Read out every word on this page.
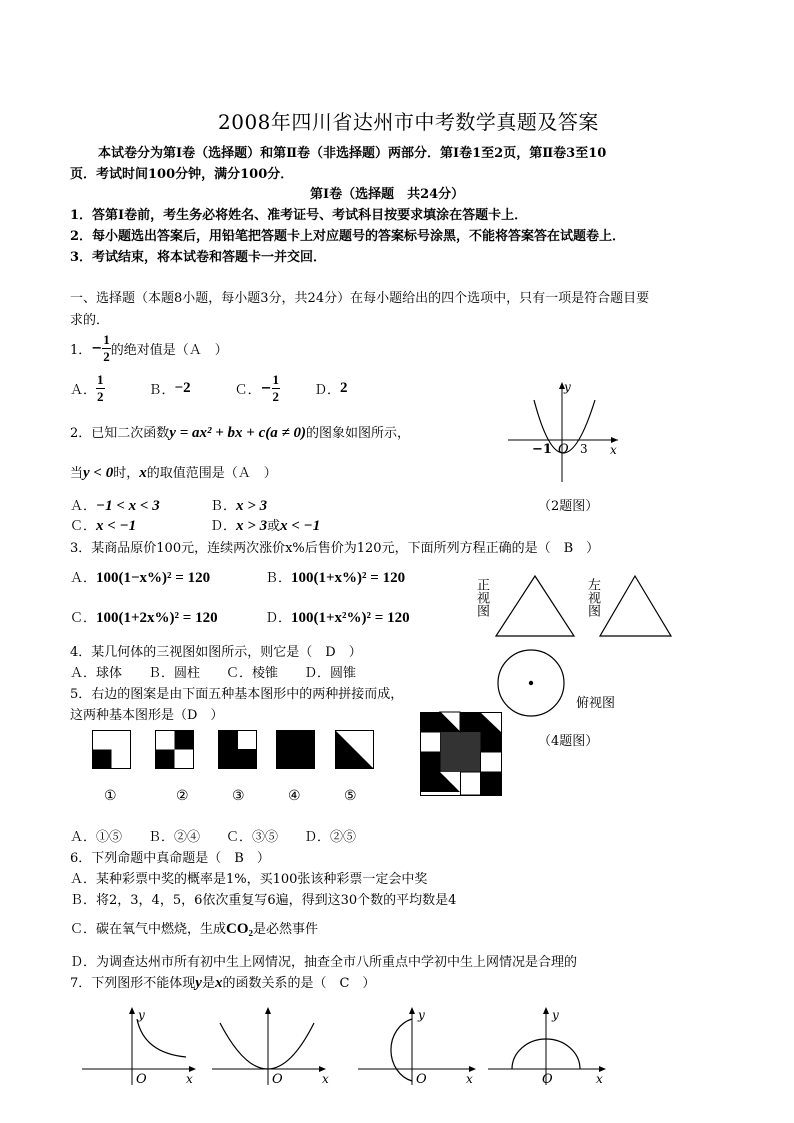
2008年四川省达州市中考数学真题及答案
本试卷分为第Ⅰ卷（选择题）和第Ⅱ卷（非选择题）两部分．第Ⅰ卷1至2页，第Ⅱ卷3至10
页．考试时间100分钟，满分100分．
第Ⅰ卷（选择题　共24分）
1．答第Ⅰ卷前，考生务必将姓名、准考证号、考试科目按要求填涂在答题卡上．
2．每小题选出答案后，用铅笔把答题卡上对应题号的答案标号涂黑，不能将答案答在试题卷上．
3．考试结束，将本试卷和答题卡一并交回．
一、选择题（本题8小题，每小题3分，共24分）在每小题给出的四个选项中，只有一项是符合题目要
求的．
1． − $\frac{1}{2}$ 的绝对值是（Ａ　）
Ａ． $\frac{1}{2}$	Ｂ． −2	Ｃ． − $\frac{1}{2}$	Ｄ． 2
2．已知二次函数y = ax² + bx + c(a ≠ 0)的图象如图所示，
当y < 0时，x的取值范围是（Ａ　）
Ａ．−1 < x < 3	Ｂ．x > 3
Ｃ．x < −1	Ｄ．x > 3或x < −1
y
x
−1 O 3
（2题图）
3．某商品原价100元，连续两次涨价x%后售价为120元，下面所列方程正确的是（　B　）
Ａ．100(1−x%)² = 120	Ｂ．100(1+x%)² = 120
Ｃ．100(1+2x%)² = 120	Ｄ．100(1+x²%)² = 120
正视图	左视图
俯视图
（4题图）
4．某几何体的三视图如图所示，则它是（　D　）
Ａ．球体　　Ｂ．圆柱　　Ｃ．棱锥　　Ｄ．圆锥
5．右边的图案是由下面五种基本图形中的两种拼接而成，
这两种基本图形是（D　）
①	②	③	④	⑤
Ａ．①⑤　　Ｂ．②④　　Ｃ．③⑤　　Ｄ．②⑤
6．下列命题中真命题是（　B　）
Ａ．某种彩票中奖的概率是1%，买100张该种彩票一定会中奖
Ｂ．将2，3，4，5，6依次重复写6遍，得到这30个数的平均数是4
Ｃ．碳在氧气中燃烧，生成CO₂是必然事件
Ｄ．为调查达州市所有初中生上网情况，抽查全市八所重点中学初中生上网情况是合理的
7．下列图形不能体现y是x的函数关系的是（　C　）
y
x
O	O	x
y
O	x
y
O	x
